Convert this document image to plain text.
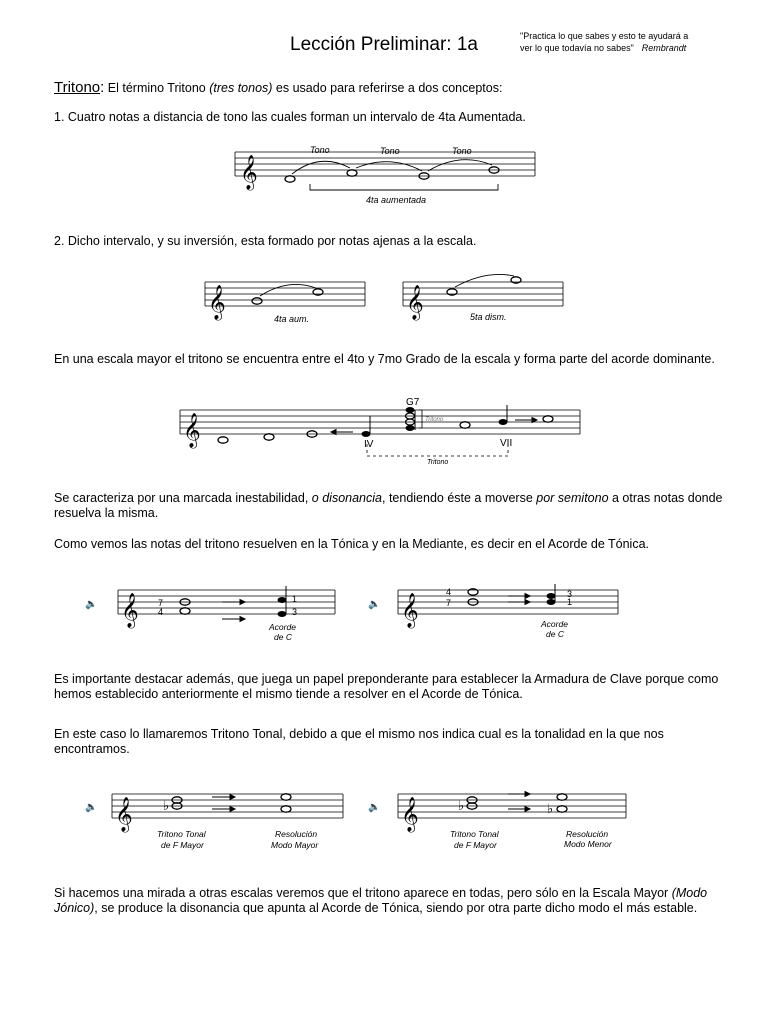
Lección Preliminar: 1a	"Practica lo que sabes y esto te ayudará a
ver lo que todavía no sabes" Rembrandt
Tritono: El término Tritono (tres tonos) es usado para referirse a dos conceptos:
1. Cuatro notas a distancia de tono las cuales forman un intervalo de 4ta Aumentada.
𝄞
Tono	Tono	Tono
4ta aumentada
2. Dicho intervalo, y su inversión, esta formado por notas ajenas a la escala.
𝄞	4ta aum.	𝄞	5ta dism.
En una escala mayor el tritono se encuentra entre el 4to y 7mo Grado de la escala y forma parte del acorde dominante.
𝄞
G7
Tritono
IV	VII
Tritono
Se caracteriza por una marcada inestabilidad, o disonancia, tendiendo éste a moverse por semitono a otras notas donde resuelva la misma.
Como vemos las notas del tritono resuelven en la Tónica y en la Mediante, es decir en el Acorde de Tónica.
🔈 𝄞 7
4
1
3
Acorde
de C
🔈 𝄞
4
7
3
1
Acorde
de C
Es importante destacar además, que juega un papel preponderante para establecer la Armadura de Clave porque como hemos establecido anteriormente el mismo tiende a resolver en el Acorde de Tónica.
En este caso lo llamaremos Tritono Tonal, debido a que el mismo nos indica cual es la tonalidad en la que nos encontramos.
🔈 𝄞 ♭
Tritono Tonal
de F Mayor
Resolución
Modo Mayor
🔈 𝄞	♭	♭
Tritono Tonal
de F Mayor
Resolución
Modo Menor
Si hacemos una mirada a otras escalas veremos que el tritono aparece en todas, pero sólo en la Escala Mayor (Modo Jónico), se produce la disonancia que apunta al Acorde de Tónica, siendo por otra parte dicho modo el más estable.
